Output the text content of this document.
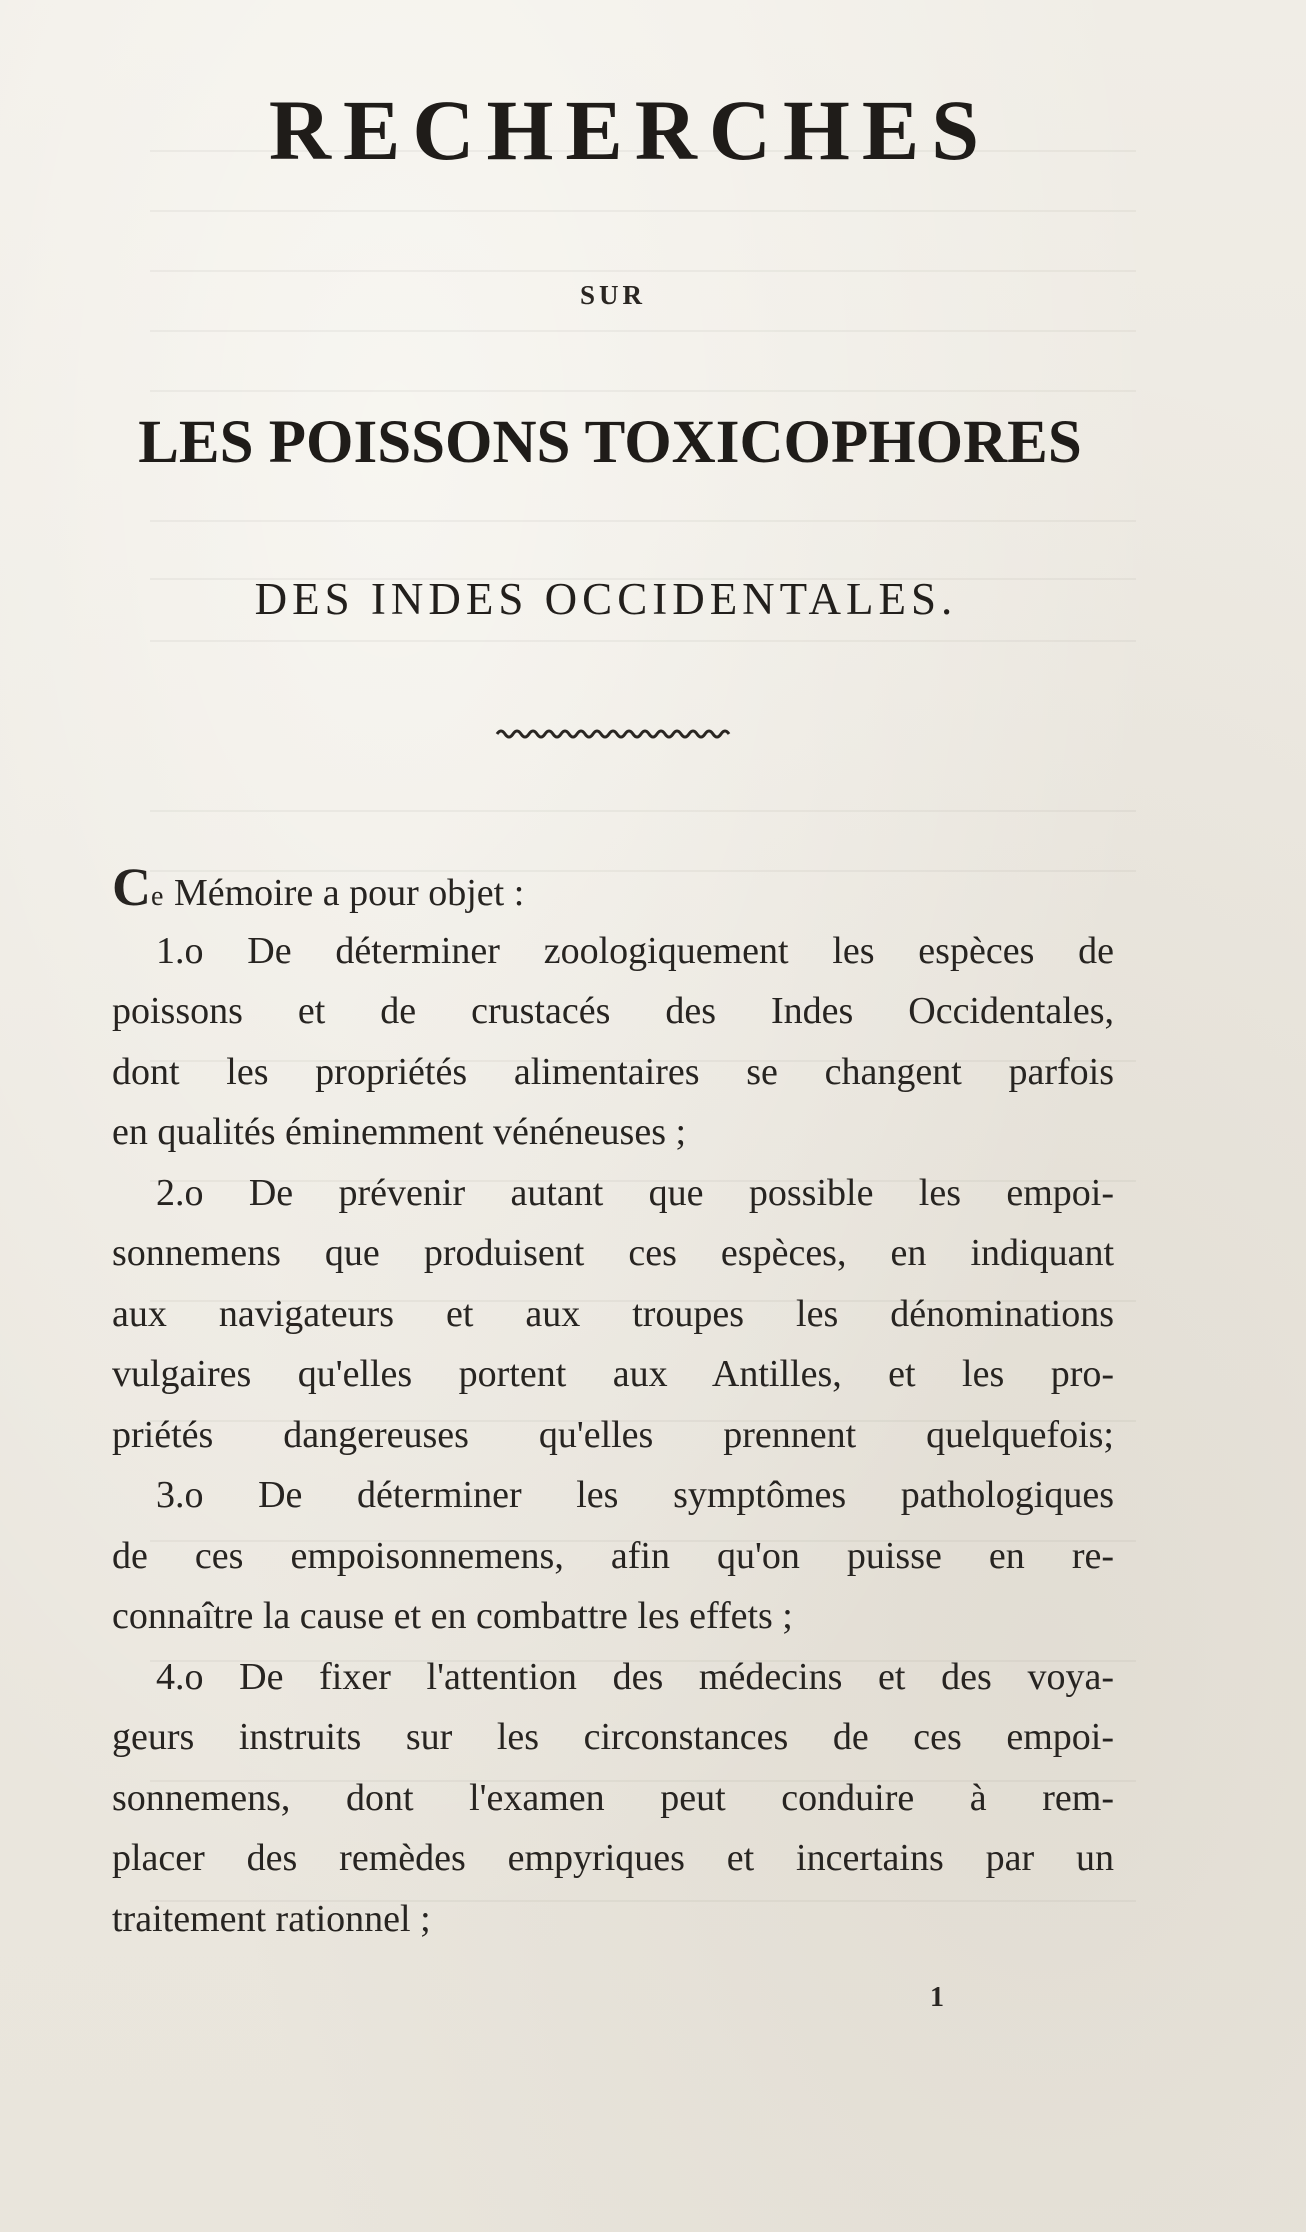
RECHERCHES
SUR
LES POISSONS TOXICOPHORES
DES INDES OCCIDENTALES.
Ce Mémoire a pour objet :
1.o De déterminer zoologiquement les espèces de
poissons et de crustacés des Indes Occidentales,
dont les propriétés alimentaires se changent parfois
en qualités éminemment vénéneuses ;
2.o De prévenir autant que possible les empoi-
sonnemens que produisent ces espèces, en indiquant
aux navigateurs et aux troupes les dénominations
vulgaires qu'elles portent aux Antilles, et les pro-
priétés dangereuses qu'elles prennent quelquefois;
3.o De déterminer les symptômes pathologiques
de ces empoisonnemens, afin qu'on puisse en re-
connaître la cause et en combattre les effets ;
4.o De fixer l'attention des médecins et des voya-
geurs instruits sur les circonstances de ces empoi-
sonnemens, dont l'examen peut conduire à rem-
placer des remèdes empyriques et incertains par un
traitement rationnel ;
1
